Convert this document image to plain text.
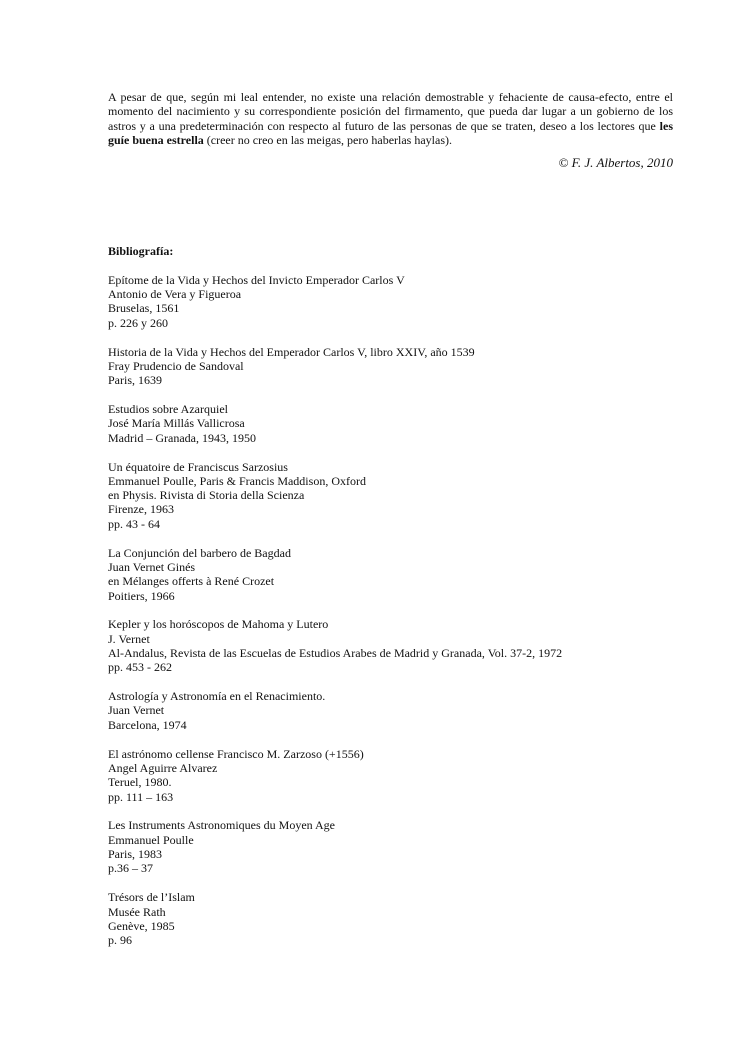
A pesar de que, según mi leal entender, no existe una relación demostrable y fehaciente de causa-efecto, entre el momento del nacimiento y su correspondiente posición del firmamento, que pueda dar lugar a un gobierno de los astros y a una predeterminación con respecto al futuro de las personas de que se traten, deseo a los lectores que les guíe buena estrella (creer no creo en las meigas, pero haberlas haylas).

© F. J. Albertos, 2010
Bibliografía:
Epítome de la Vida y Hechos del Invicto Emperador Carlos V
Antonio de Vera y Figueroa
Bruselas, 1561
p. 226 y 260
Historia de la Vida y Hechos del Emperador Carlos V, libro XXIV, año 1539
Fray Prudencio de Sandoval
Paris, 1639
Estudios sobre Azarquiel
José María Millás Vallicrosa
Madrid – Granada, 1943, 1950
Un équatoire de Franciscus Sarzosius
Emmanuel Poulle, Paris & Francis Maddison, Oxford
en Physis. Rivista di Storia della Scienza
Firenze, 1963
pp. 43 - 64
La Conjunción del barbero de Bagdad
Juan Vernet Ginés
en Mélanges offerts à René Crozet
Poitiers, 1966
Kepler y los horóscopos de Mahoma y Lutero
J. Vernet
Al-Andalus, Revista de las Escuelas de Estudios Arabes de Madrid y Granada, Vol. 37-2, 1972
pp. 453 - 262
Astrología y Astronomía en el Renacimiento.
Juan Vernet
Barcelona, 1974
El astrónomo cellense Francisco M. Zarzoso (+1556)
Angel Aguirre Alvarez
Teruel, 1980.
pp. 111 – 163
Les Instruments Astronomiques du Moyen Age
Emmanuel Poulle
Paris, 1983
p.36 – 37
Trésors de l’Islam
Musée Rath
Genève, 1985
p. 96
